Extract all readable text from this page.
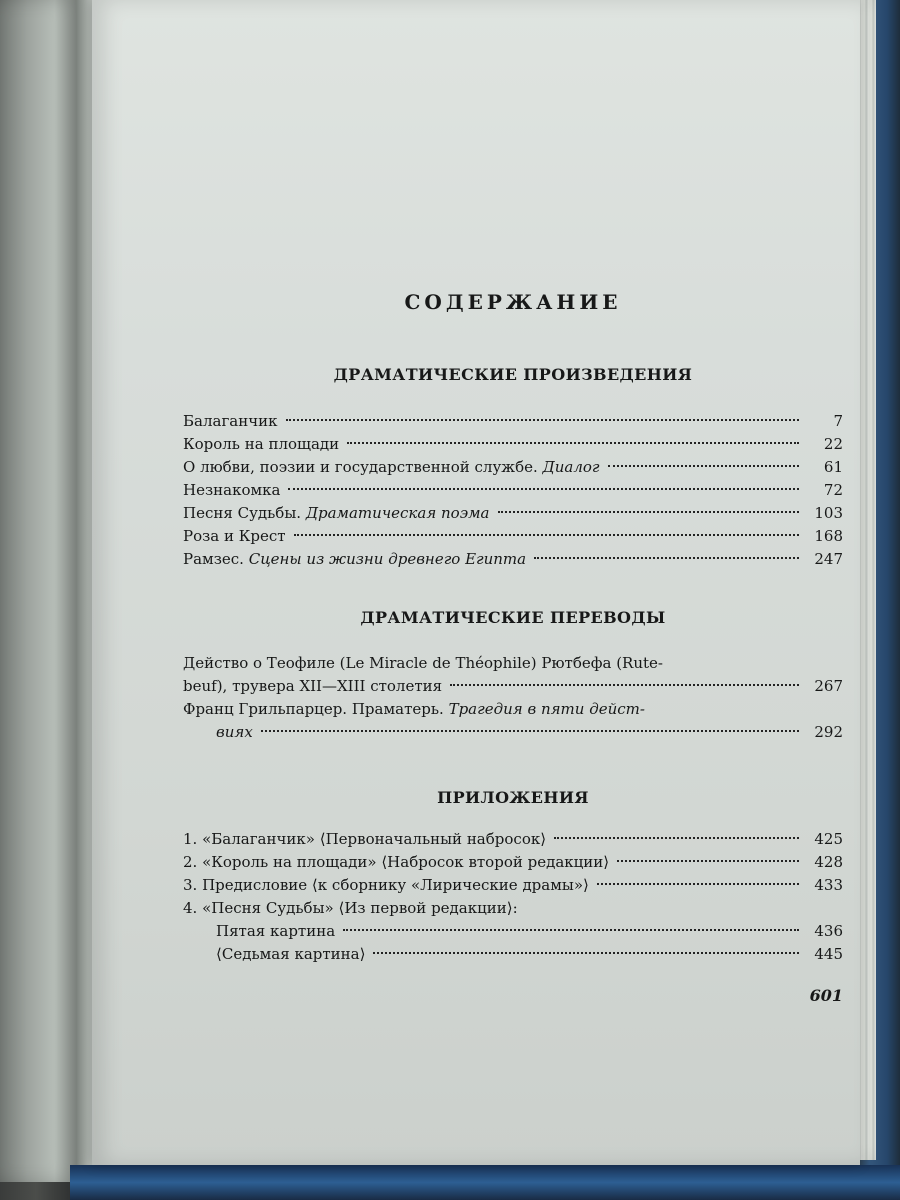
СОДЕРЖАНИЕ
ДРАМАТИЧЕСКИЕ ПРОИЗВЕДЕНИЯ
Балаганчик	7
Король на площади	22
О любви, поэзии и государственной службе. Диалог	61
Незнакомка	72
Песня Судьбы. Драматическая поэма	103
Роза и Крест	168
Рамзес. Сцены из жизни древнего Египта	247
ДРАМАТИЧЕСКИЕ ПЕРЕВОДЫ
Действо о Теофиле (Le Miracle de Théophile) Рютбефа (Rute-
beuf), трувера XII—XIII столетия	267
Франц Грильпарцер. Праматерь. Трагедия в пяти дейст-
виях	292
ПРИЛОЖЕНИЯ
1. «Балаганчик» ⟨Первоначальный набросок⟩	425
2. «Король на площади» ⟨Набросок второй редакции⟩	428
3. Предисловие ⟨к сборнику «Лирические драмы»⟩	433
4. «Песня Судьбы» ⟨Из первой редакции⟩:
Пятая картина	436
⟨Седьмая картина⟩	445
601
